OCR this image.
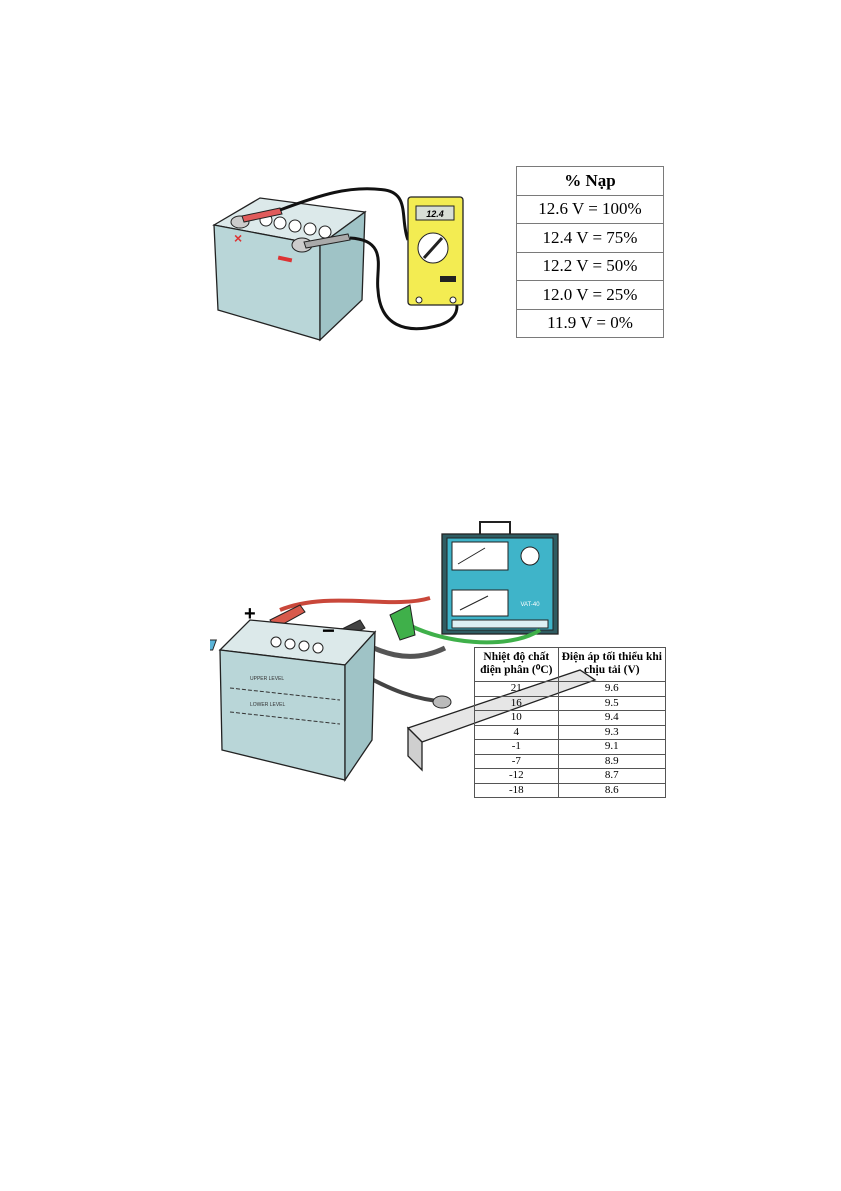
×
12.4
% Nạp
12.6 V = 100%
12.4 V = 75%
12.2 V = 50%
12.0 V = 25%
11.9 V = 0%
VAT-40
UPPER LEVEL
LOWER LEVEL
+
−
Nhiệt độ chất điện phân (⁰C)	Điện áp tối thiểu khi chịu tải (V)
21	9.6
16	9.5
10	9.4
4	9.3
-1	9.1
-7	8.9
-12	8.7
-18	8.6
